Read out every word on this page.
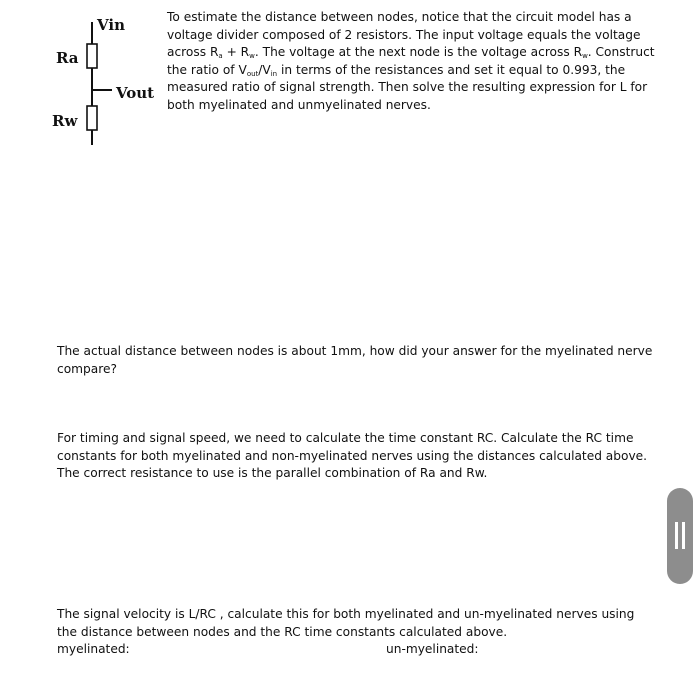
Vin
Ra
Vout
Rw

To estimate the distance between nodes, notice that the circuit model has a voltage divider composed of 2 resistors. The input voltage equals the voltage across $R_a + R_w$. The voltage at the next node is the voltage across $R_w$. Construct the ratio of $V_{out}/V_{in}$ in terms of the resistances and set it equal to 0.993, the measured ratio of signal strength. Then solve the resulting expression for L for both myelinated and unmyelinated nerves.

The actual distance between nodes is about 1mm, how did your answer for the myelinated nerve compare?

For timing and signal speed, we need to calculate the time constant RC. Calculate the RC time constants for both myelinated and non-myelinated nerves using the distances calculated above. The correct resistance to use is the parallel combination of Ra and Rw.

The signal velocity is L/RC , calculate this for both myelinated and un-myelinated nerves using the distance between nodes and the RC time constants calculated above.

myelinated:	un-myelinated:
